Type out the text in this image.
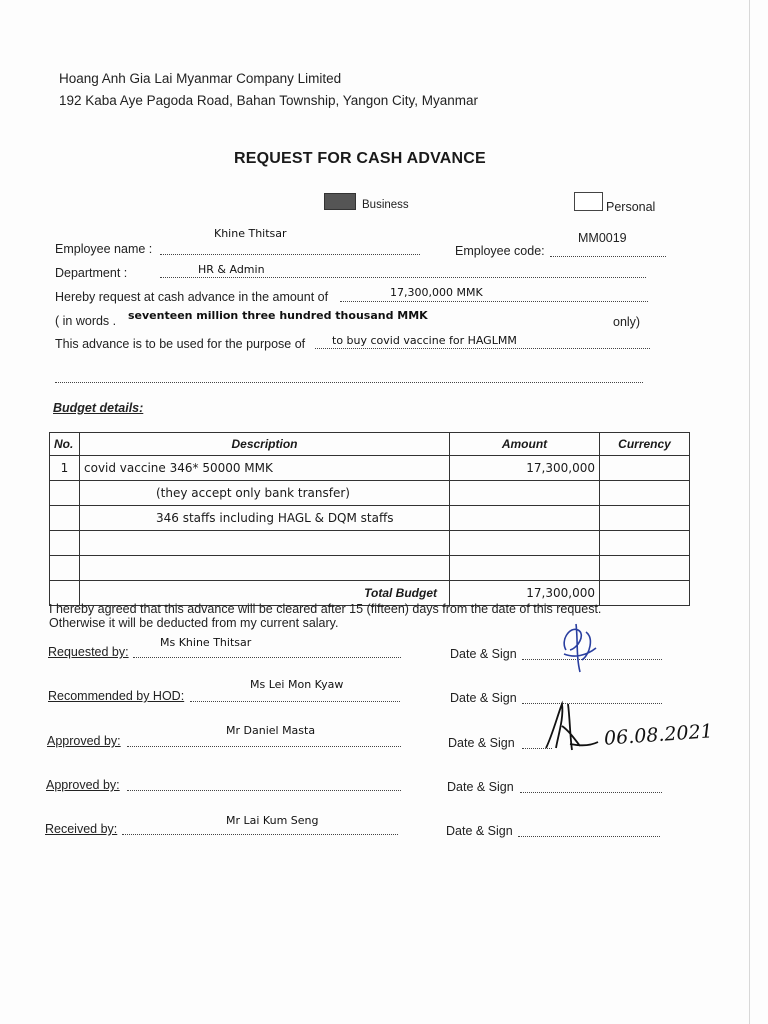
Hoang Anh Gia Lai Myanmar Company Limited
192 Kaba Aye Pagoda Road, Bahan Township, Yangon City, Myanmar
REQUEST FOR CASH ADVANCE
Business	Personal
Khine Thitsar	MM0019
Employee name :	Employee code:
Department :	HR & Admin
Hereby request at cash advance in the amount of	17,300,000 MMK
( in words . seventeen million three hundred thousand MMK	only)
This advance is to be used for the purpose of to buy covid vaccine for HAGLMM
Budget details:
No.	Description	Amount	Currency
1	covid vaccine 346* 50000 MMK	17,300,000	
	(they accept only bank transfer)		
	346 staffs including HAGL & DQM staffs		

	Total Budget	17,300,000	
I hereby agreed that this advance will be cleared after 15 (fifteen) days from the date of this request.
Otherwise it will be deducted from my current salary.
Ms Khine Thitsar
Requested by:	Date & Sign
Ms Lei Mon Kyaw
Recommended by HOD:	Date & Sign
Mr Daniel Masta
Approved by:	Date & Sign	06.08.2021
Approved by:	Date & Sign
Mr Lai Kum Seng
Received by:	Date & Sign
